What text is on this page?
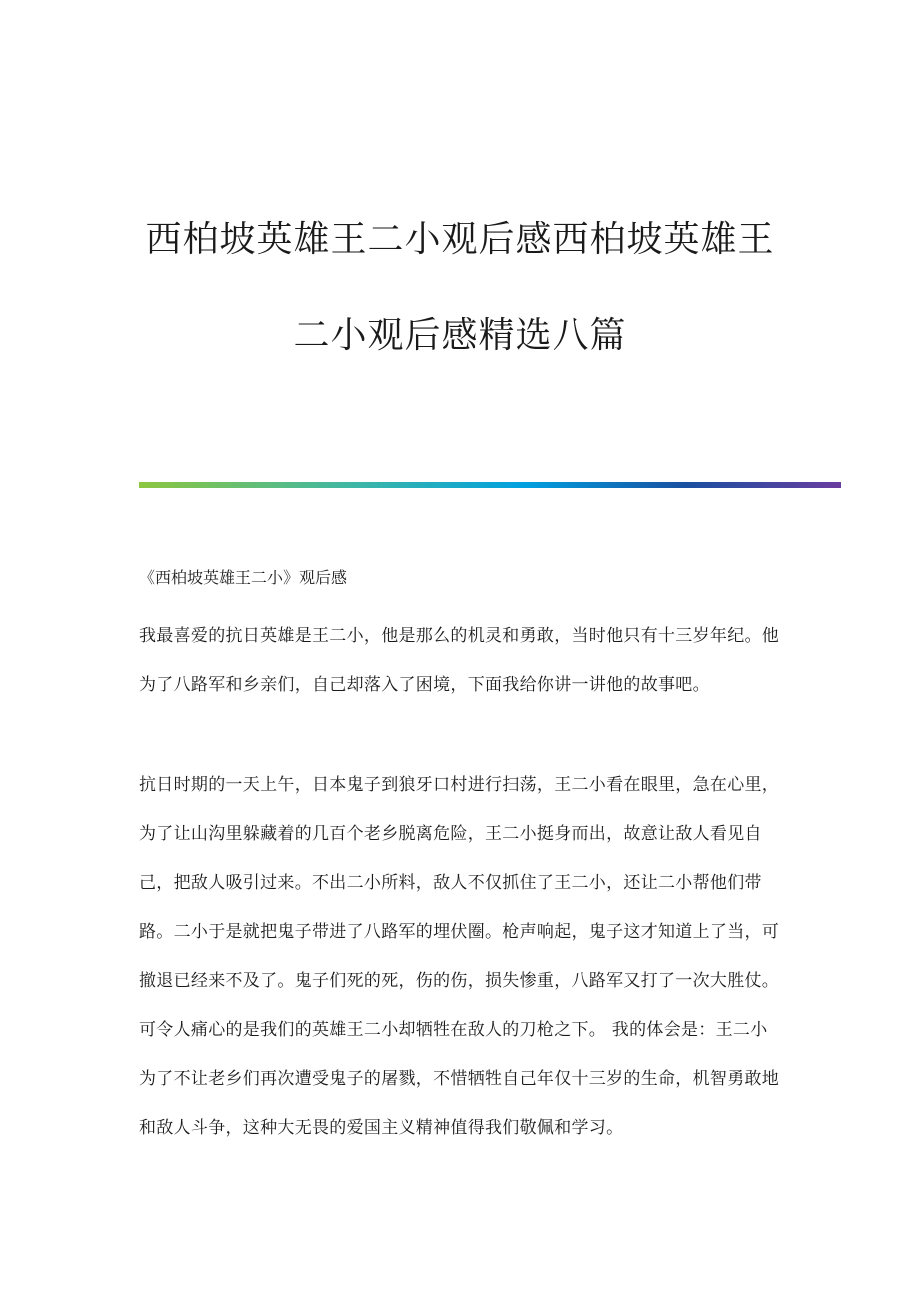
西柏坡英雄王二小观后感西柏坡英雄王
二小观后感精选八篇

《西柏坡英雄王二小》观后感

我最喜爱的抗日英雄是王二小，他是那么的机灵和勇敢，当时他只有十三岁年纪。他为了八路军和乡亲们，自己却落入了困境，下面我给你讲一讲他的故事吧。

抗日时期的一天上午，日本鬼子到狼牙口村进行扫荡，王二小看在眼里，急在心里，为了让山沟里躲藏着的几百个老乡脱离危险，王二小挺身而出，故意让敌人看见自己，把敌人吸引过来。不出二小所料，敌人不仅抓住了王二小，还让二小帮他们带路。二小于是就把鬼子带进了八路军的埋伏圈。枪声响起，鬼子这才知道上了当，可撤退已经来不及了。鬼子们死的死，伤的伤，损失惨重，八路军又打了一次大胜仗。可令人痛心的是我们的英雄王二小却牺牲在敌人的刀枪之下。 我的体会是：王二小为了不让老乡们再次遭受鬼子的屠戮，不惜牺牲自己年仅十三岁的生命，机智勇敢地和敌人斗争，这种大无畏的爱国主义精神值得我们敬佩和学习。
